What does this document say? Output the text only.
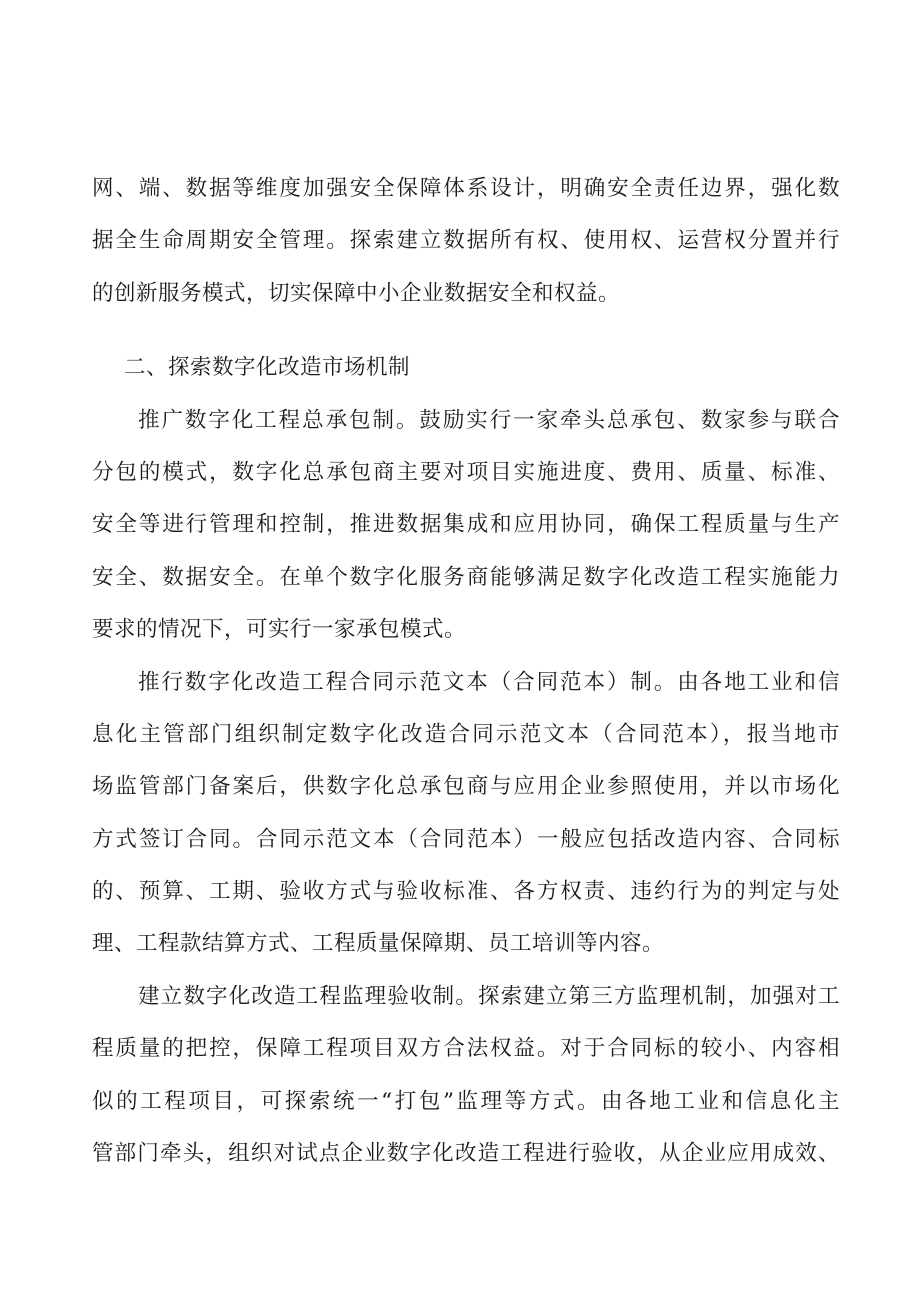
网、端、数据等维度加强安全保障体系设计，明确安全责任边界，强化数
据全生命周期安全管理。探索建立数据所有权、使用权、运营权分置并行
的创新服务模式，切实保障中小企业数据安全和权益。
二、探索数字化改造市场机制
推广数字化工程总承包制。鼓励实行一家牵头总承包、数家参与联合
分包的模式，数字化总承包商主要对项目实施进度、费用、质量、标准、
安全等进行管理和控制，推进数据集成和应用协同，确保工程质量与生产
安全、数据安全。在单个数字化服务商能够满足数字化改造工程实施能力
要求的情况下，可实行一家承包模式。
推行数字化改造工程合同示范文本（合同范本）制。由各地工业和信
息化主管部门组织制定数字化改造合同示范文本（合同范本），报当地市
场监管部门备案后，供数字化总承包商与应用企业参照使用，并以市场化
方式签订合同。合同示范文本（合同范本）一般应包括改造内容、合同标
的、预算、工期、验收方式与验收标准、各方权责、违约行为的判定与处
理、工程款结算方式、工程质量保障期、员工培训等内容。
建立数字化改造工程监理验收制。探索建立第三方监理机制，加强对工
程质量的把控，保障工程项目双方合法权益。对于合同标的较小、内容相
似的工程项目，可探索统一“打包”监理等方式。由各地工业和信息化主
管部门牵头，组织对试点企业数字化改造工程进行验收，从企业应用成效、
